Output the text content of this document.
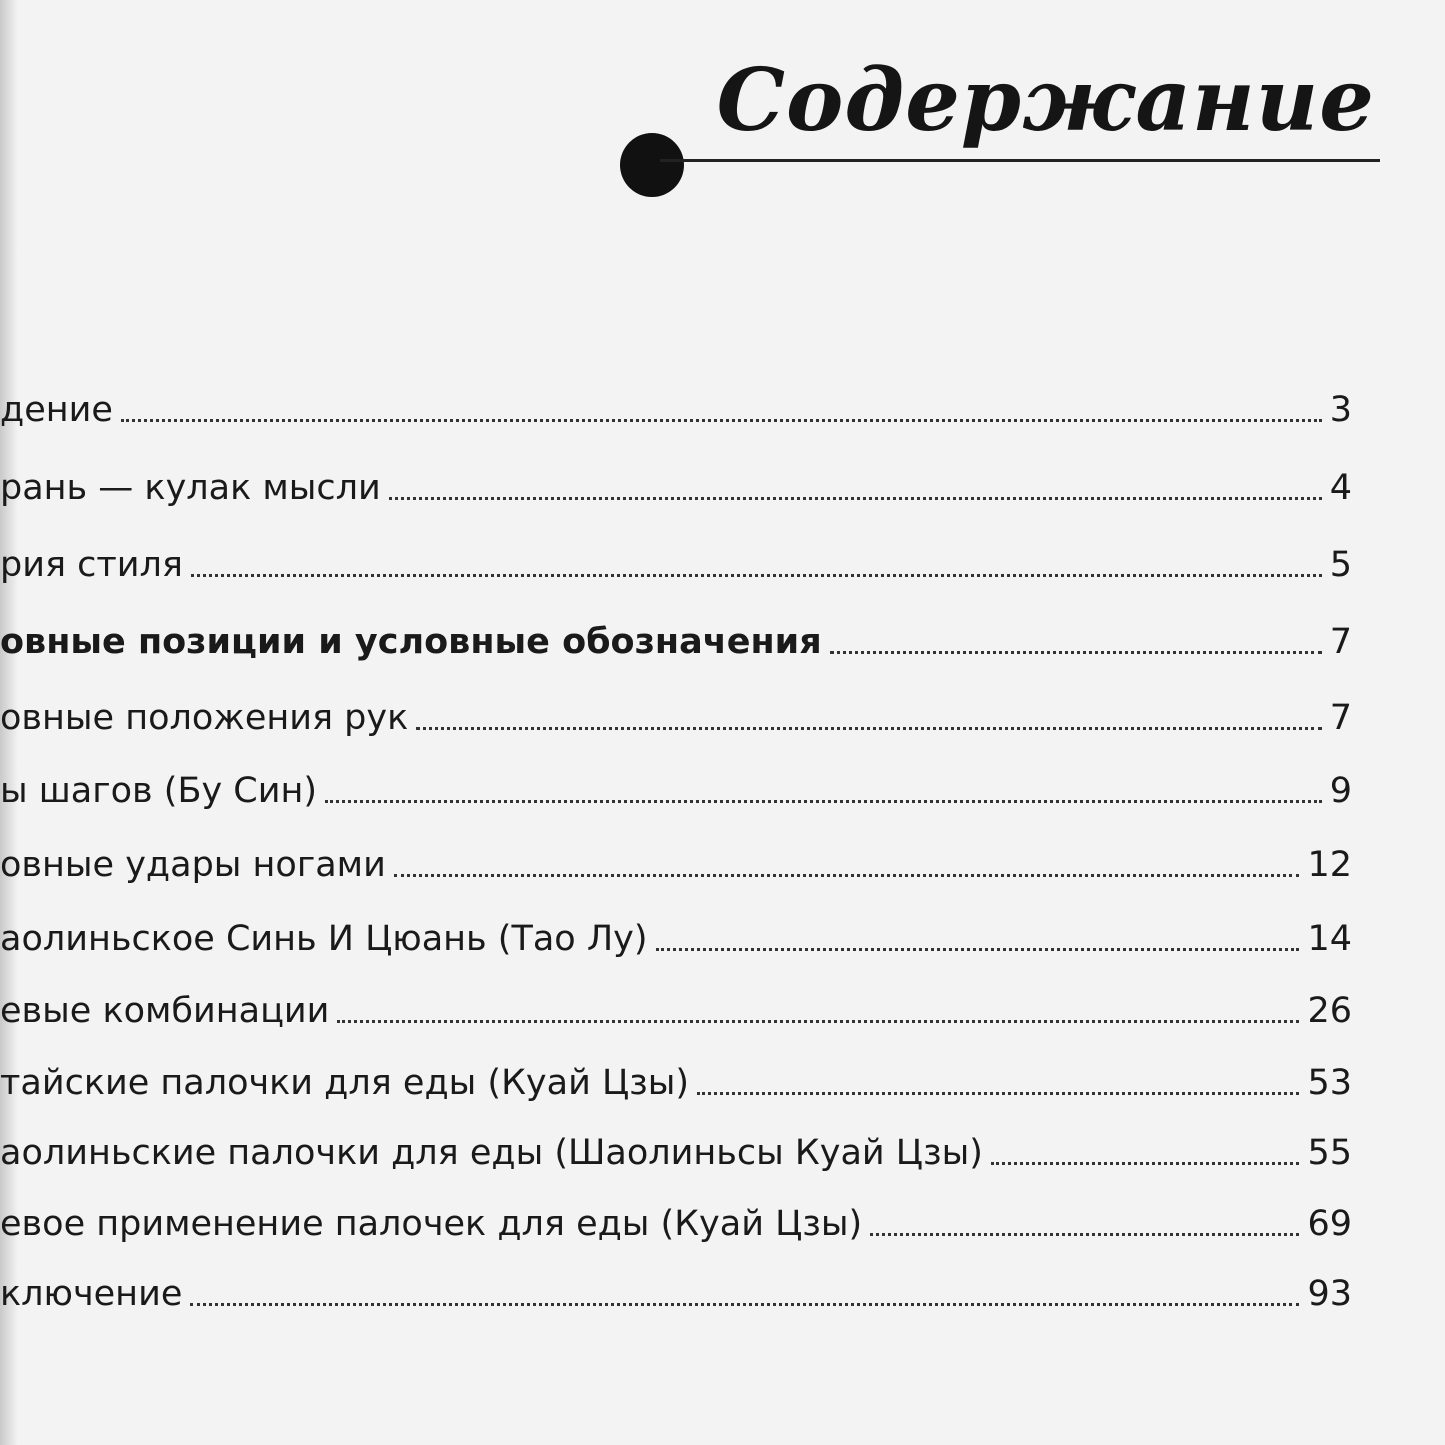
Содержание
дение	3
рань — кулак мысли	4
рия стиля	5
овные позиции и условные обозначения	7
овные положения рук	7
ы шагов (Бу Син)	9
овные удары ногами	12
аолиньское Синь И Цюань (Тао Лу)	14
евые комбинации	26
тайские палочки для еды (Куай Цзы)	53
аолиньские палочки для еды (Шаолиньсы Куай Цзы)	55
евое применение палочек для еды (Куай Цзы)	69
ключение	93
